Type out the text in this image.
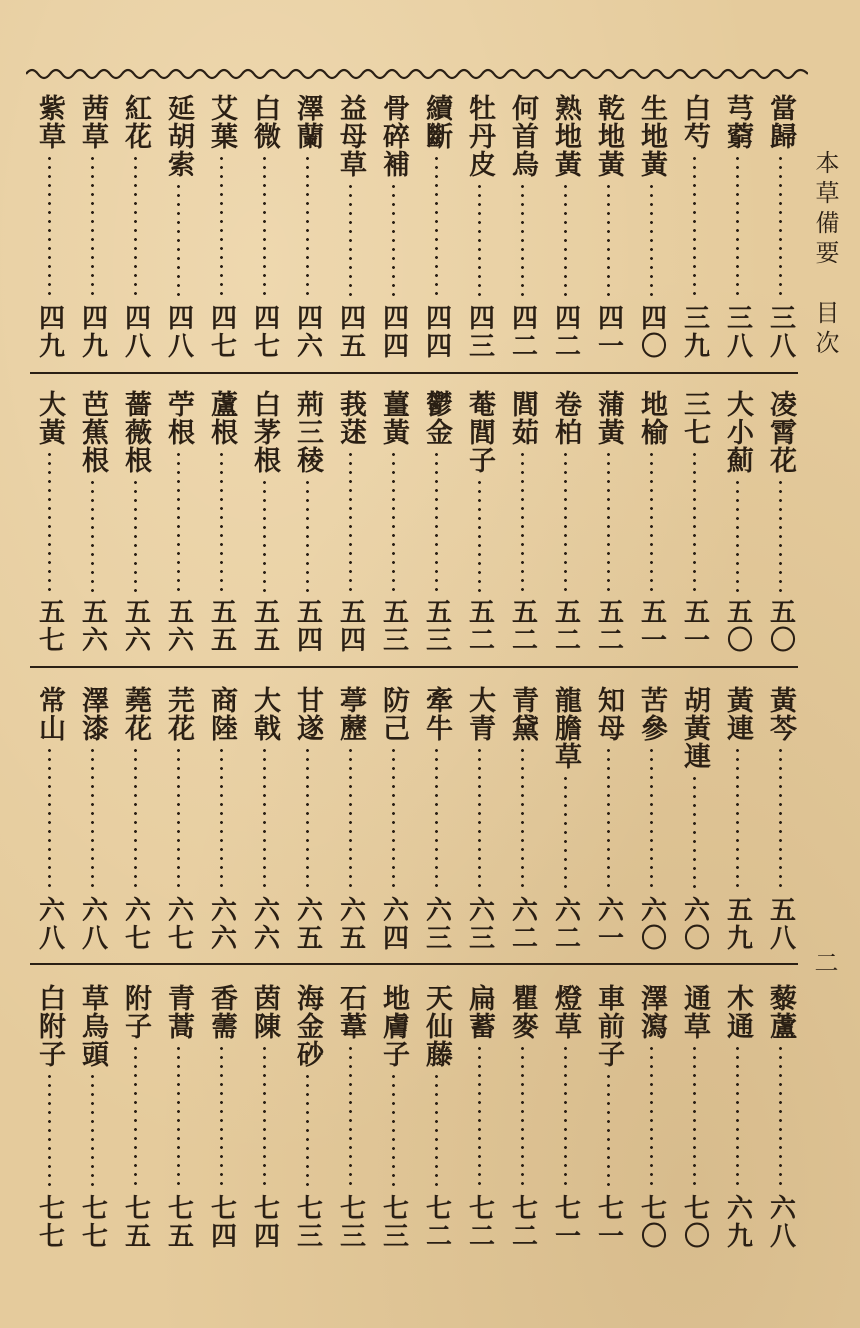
本草備要
目次
二
當歸
三八
芎藭
三八
白芍
三九
生地黃
四〇
乾地黃
四一
熟地黃
四二
何首烏
四二
牡丹皮
四三
續斷
四四
骨碎補
四四
益母草
四五
澤蘭
四六
白微
四七
艾葉
四七
延胡索
四八
紅花
四八
茜草
四九
紫草
四九
凌霄花
五〇
大小薊
五〇
三七
五一
地榆
五一
蒲黃
五二
卷柏
五二
閭茹
五二
菴閭子
五二
鬱金
五三
薑黃
五三
莪蒁
五四
荊三稜
五四
白茅根
五五
蘆根
五五
苧根
五六
薔薇根
五六
芭蕉根
五六
大黃
五七
黃芩
五八
黃連
五九
胡黃連
六〇
苦參
六〇
知母
六一
龍膽草
六二
青黛
六二
大青
六三
牽牛
六三
防己
六四
葶藶
六五
甘遂
六五
大戟
六六
商陸
六六
芫花
六七
蕘花
六七
澤漆
六八
常山
六八
藜蘆
六八
木通
六九
通草
七〇
澤瀉
七〇
車前子
七一
燈草
七一
瞿麥
七二
扁蓄
七二
天仙藤
七二
地膚子
七三
石葦
七三
海金砂
七三
茵陳
七四
香薷
七四
青蒿
七五
附子
七五
草烏頭
七七
白附子
七七
